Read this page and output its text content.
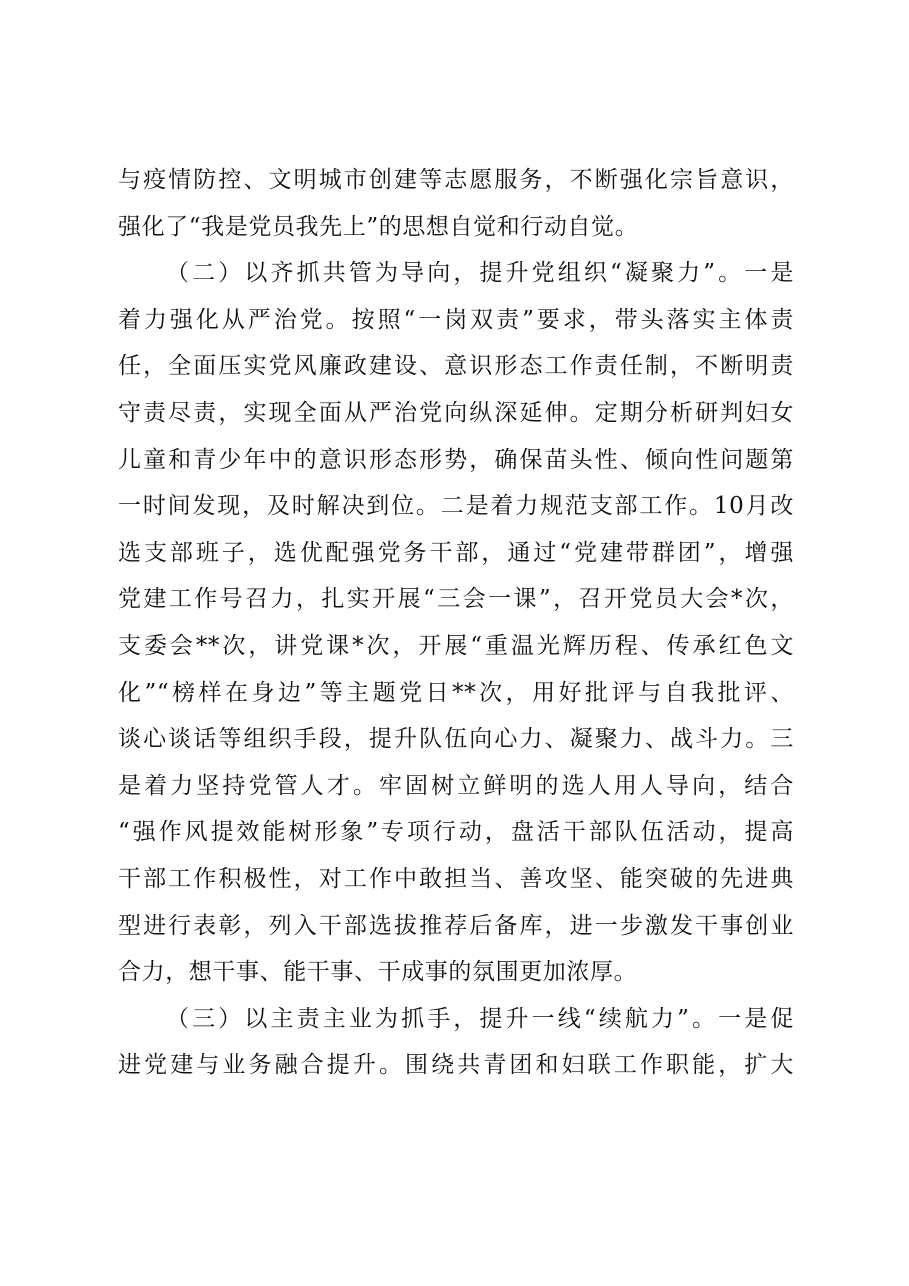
与疫情防控、文明城市创建等志愿服务，不断强化宗旨意识，
强化了“我是党员我先上”的思想自觉和行动自觉。
（二）以齐抓共管为导向，提升党组织“凝聚力”。一是
着力强化从严治党。按照“一岗双责”要求，带头落实主体责
任，全面压实党风廉政建设、意识形态工作责任制，不断明责
守责尽责，实现全面从严治党向纵深延伸。定期分析研判妇女
儿童和青少年中的意识形态形势，确保苗头性、倾向性问题第
一时间发现，及时解决到位。二是着力规范支部工作。10月改
选支部班子，选优配强党务干部，通过“党建带群团”，增强
党建工作号召力，扎实开展“三会一课”，召开党员大会*次，
支委会**次，讲党课*次，开展“重温光辉历程、传承红色文
化”“榜样在身边”等主题党日**次，用好批评与自我批评、
谈心谈话等组织手段，提升队伍向心力、凝聚力、战斗力。三
是着力坚持党管人才。牢固树立鲜明的选人用人导向，结合
“强作风提效能树形象”专项行动，盘活干部队伍活动，提高
干部工作积极性，对工作中敢担当、善攻坚、能突破的先进典
型进行表彰，列入干部选拔推荐后备库，进一步激发干事创业
合力，想干事、能干事、干成事的氛围更加浓厚。
（三）以主责主业为抓手，提升一线“续航力”。一是促
进党建与业务融合提升。围绕共青团和妇联工作职能，扩大
